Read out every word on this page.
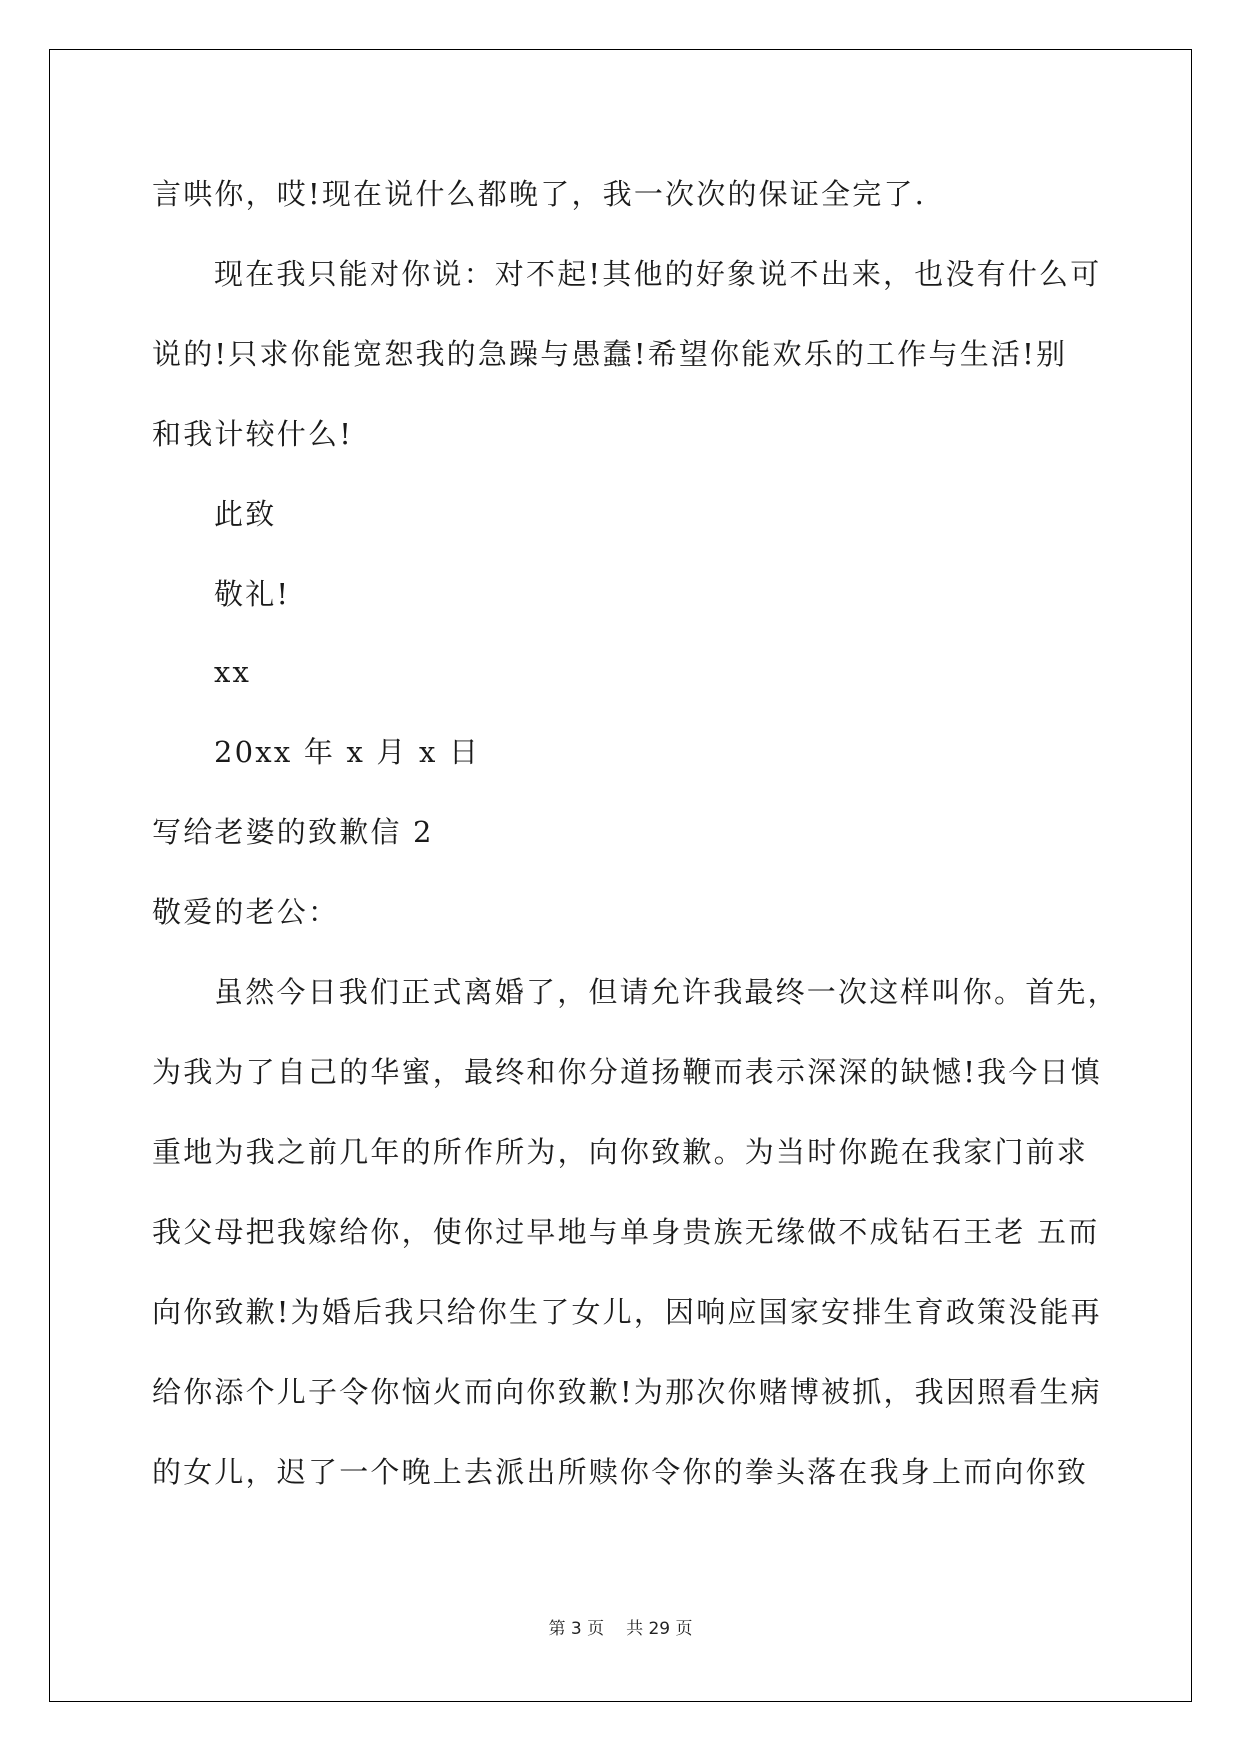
言哄你，哎!现在说什么都晚了，我一次次的保证全完了.
现在我只能对你说：对不起!其他的好象说不出来，也没有什么可
说的!只求你能宽恕我的急躁与愚蠢!希望你能欢乐的工作与生活!别
和我计较什么!
此致
敬礼!
xx
20xx 年 x 月 x 日
写给老婆的致歉信 2
敬爱的老公：
虽然今日我们正式离婚了，但请允许我最终一次这样叫你。首先，
为我为了自己的华蜜，最终和你分道扬鞭而表示深深的缺憾!我今日慎
重地为我之前几年的所作所为，向你致歉。为当时你跪在我家门前求
我父母把我嫁给你，使你过早地与单身贵族无缘做不成钻石王老 五而
向你致歉!为婚后我只给你生了女儿，因响应国家安排生育政策没能再
给你添个儿子令你恼火而向你致歉!为那次你赌博被抓，我因照看生病
的女儿，迟了一个晚上去派出所赎你令你的拳头落在我身上而向你致
第 3 页 共 29 页
